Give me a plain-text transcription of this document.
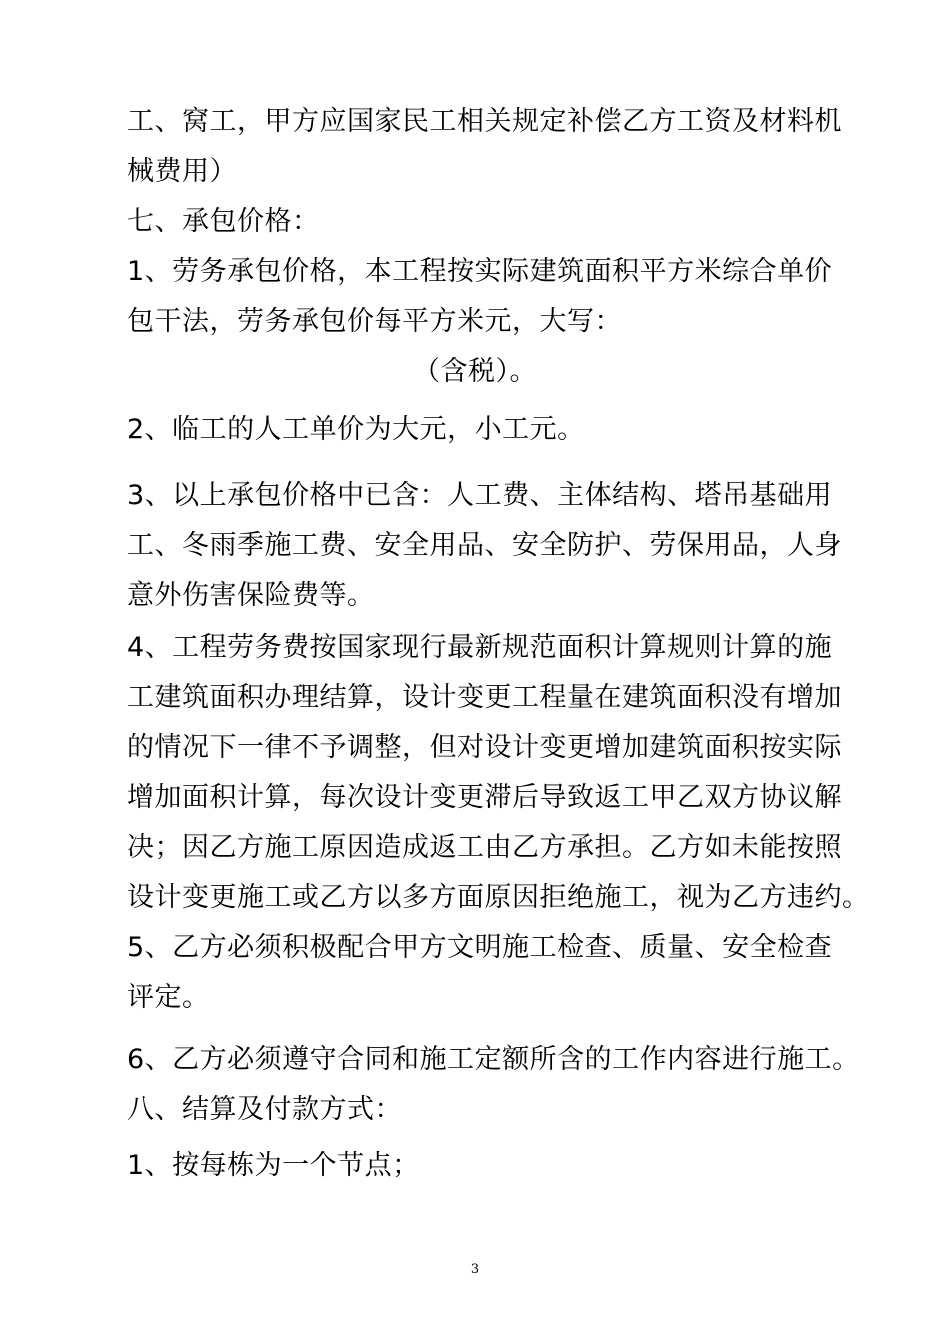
工、窝工，甲方应国家民工相关规定补偿乙方工资及材料机
械费用）
七、承包价格：
1、劳务承包价格，本工程按实际建筑面积平方米综合单价
包干法，劳务承包价每平方米元，大写：
（含税）。
2、临工的人工单价为大元，小工元。
3、以上承包价格中已含：人工费、主体结构、塔吊基础用
工、冬雨季施工费、安全用品、安全防护、劳保用品，人身
意外伤害保险费等。
4、工程劳务费按国家现行最新规范面积计算规则计算的施
工建筑面积办理结算，设计变更工程量在建筑面积没有增加
的情况下一律不予调整，但对设计变更增加建筑面积按实际
增加面积计算，每次设计变更滞后导致返工甲乙双方协议解
决；因乙方施工原因造成返工由乙方承担。乙方如未能按照
设计变更施工或乙方以多方面原因拒绝施工，视为乙方违约。
5、乙方必须积极配合甲方文明施工检查、质量、安全检查
评定。
6、乙方必须遵守合同和施工定额所含的工作内容进行施工。
八、结算及付款方式：
1、按每栋为一个节点；
3
